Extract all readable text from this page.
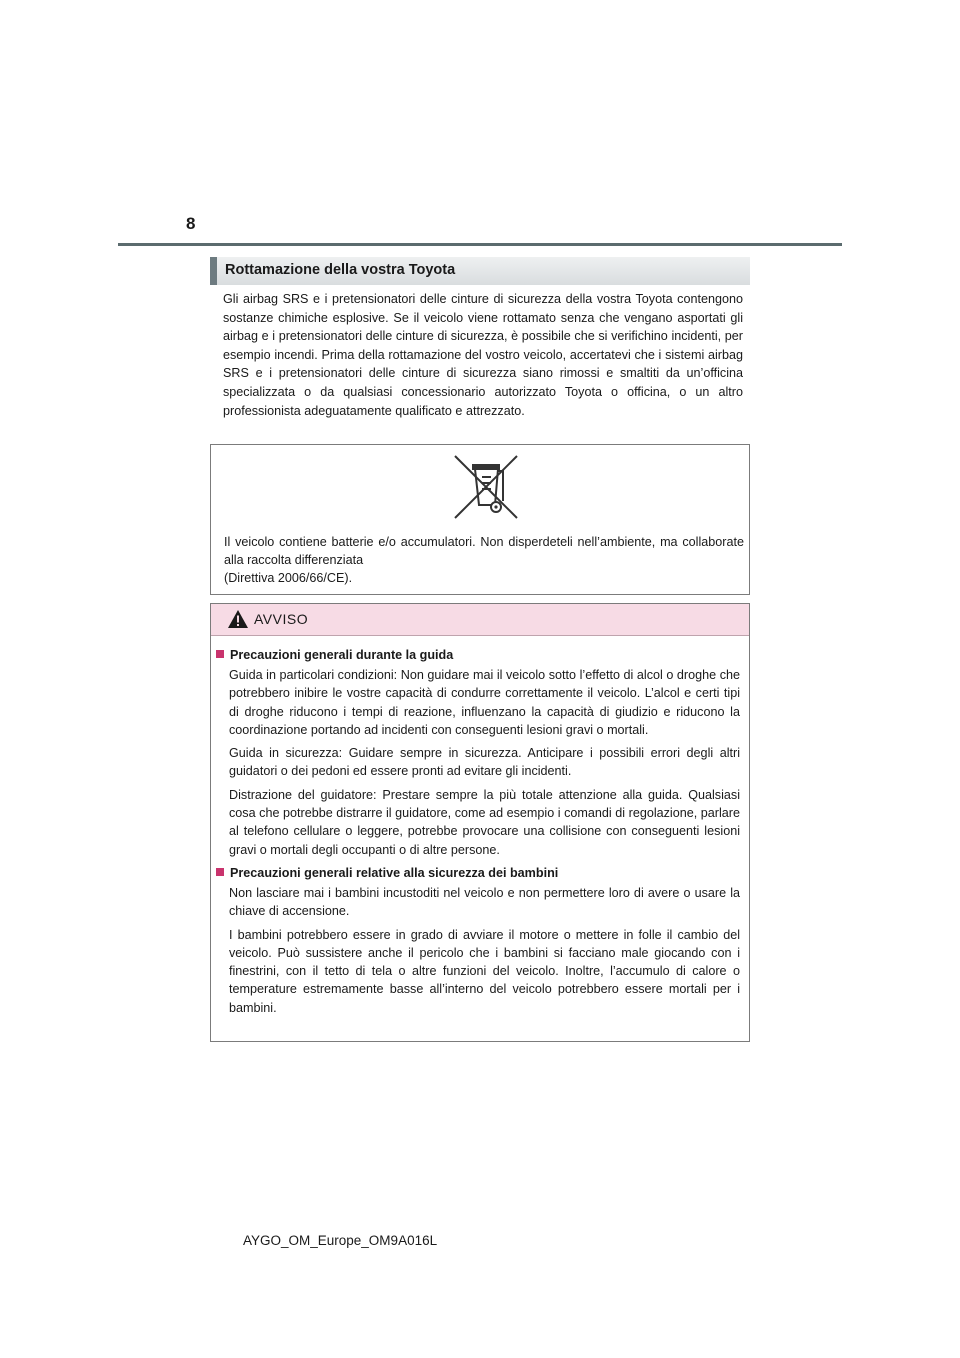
8
Rottamazione della vostra Toyota
Gli airbag SRS e i pretensionatori delle cinture di sicurezza della vostra Toyota contengono sostanze chimiche esplosive. Se il veicolo viene rottamato senza che vengano asportati gli airbag e i pretensionatori delle cinture di sicurezza, è possibile che si verifichino incidenti, per esempio incendi. Prima della rottamazione del vostro veicolo, accertatevi che i sistemi airbag SRS e i pretensionatori delle cinture di sicurezza siano rimossi e smaltiti da un’officina specializzata o da qualsiasi concessionario autorizzato Toyota o officina, o un altro professionista adeguatamente qualificato e attrezzato.
Il veicolo contiene batterie e/o accumulatori. Non disperdeteli nell’ambiente, ma collaborate alla raccolta differenziata
(Direttiva 2006/66/CE).
AVVISO
Precauzioni generali durante la guida

Guida in particolari condizioni: Non guidare mai il veicolo sotto l’effetto di alcol o droghe che potrebbero inibire le vostre capacità di condurre correttamente il veicolo. L’alcol e certi tipi di droghe riducono i tempi di reazione, influenzano la capacità di giudizio e riducono la coordinazione portando ad incidenti con conseguenti lesioni gravi o mortali.

Guida in sicurezza: Guidare sempre in sicurezza. Anticipare i possibili errori degli altri guidatori o dei pedoni ed essere pronti ad evitare gli incidenti.

Distrazione del guidatore: Prestare sempre la più totale attenzione alla guida. Qualsiasi cosa che potrebbe distrarre il guidatore, come ad esempio i comandi di regolazione, parlare al telefono cellulare o leggere, potrebbe provocare una collisione con conseguenti lesioni gravi o mortali degli occupanti o di altre persone.

Precauzioni generali relative alla sicurezza dei bambini

Non lasciare mai i bambini incustoditi nel veicolo e non permettere loro di avere o usare la chiave di accensione.

I bambini potrebbero essere in grado di avviare il motore o mettere in folle il cambio del veicolo. Può sussistere anche il pericolo che i bambini si facciano male giocando con i finestrini, con il tetto di tela o altre funzioni del veicolo. Inoltre, l’accumulo di calore o temperature estremamente basse all’interno del veicolo potrebbero essere mortali per i bambini.

AYGO_OM_Europe_OM9A016L
